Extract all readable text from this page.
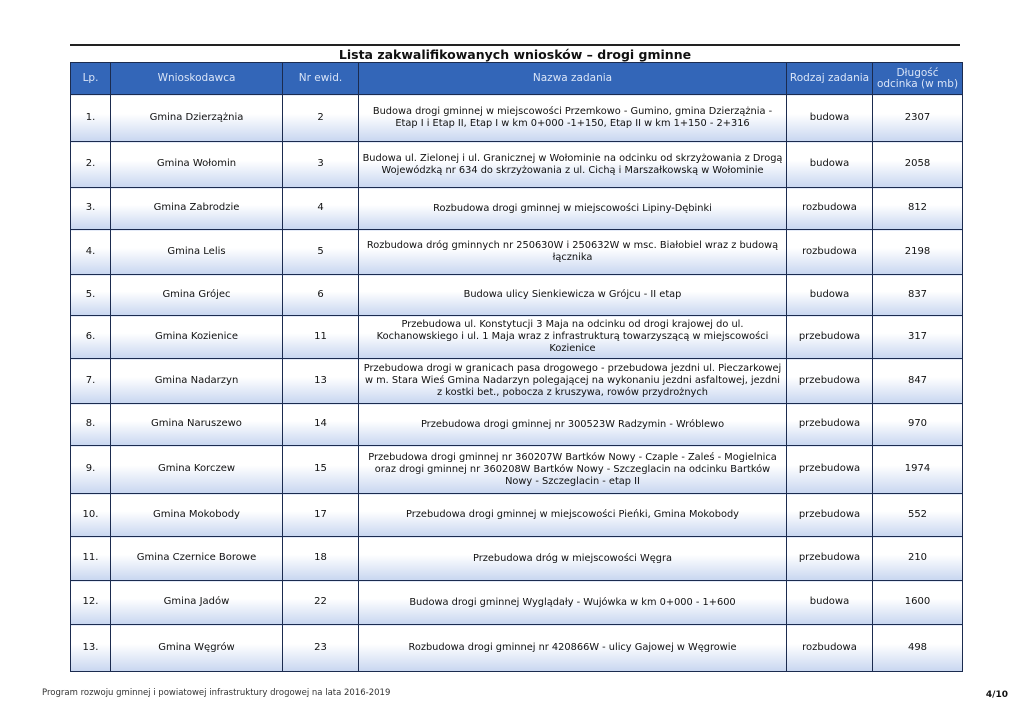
Lista zakwalifikowanych wniosków – drogi gminne
Lp.	Wnioskodawca	Nr ewid.	Nazwa zadania	Rodzaj zadania	Długość odcinka (w mb)
1.	Gmina Dzierzążnia	2	Budowa drogi gminnej w miejscowości Przemkowo - Gumino, gmina Dzierzążnia - Etap I i Etap II, Etap I w km 0+000 -1+150, Etap II w km 1+150 - 2+316	budowa	2307
2.	Gmina Wołomin	3	Budowa ul. Zielonej i ul. Granicznej w Wołominie na odcinku od skrzyżowania z Drogą Wojewódzką nr 634 do skrzyżowania z ul. Cichą i Marszałkowską w Wołominie	budowa	2058
3.	Gmina Zabrodzie	4	Rozbudowa drogi gminnej w miejscowości Lipiny-Dębinki	rozbudowa	812
4.	Gmina Lelis	5	Rozbudowa dróg gminnych nr 250630W i 250632W w msc. Białobiel wraz z budową łącznika	rozbudowa	2198
5.	Gmina Grójec	6	Budowa ulicy Sienkiewicza w Grójcu - II etap	budowa	837
6.	Gmina Kozienice	11	Przebudowa ul. Konstytucji 3 Maja na odcinku od drogi krajowej do ul. Kochanowskiego i ul. 1 Maja wraz z infrastrukturą towarzyszącą w miejscowości Kozienice	przebudowa	317
7.	Gmina Nadarzyn	13	Przebudowa drogi w granicach pasa drogowego - przebudowa jezdni ul. Pieczarkowej w m. Stara Wieś Gmina Nadarzyn polegającej na wykonaniu jezdni asfaltowej, jezdni z kostki bet., pobocza z kruszywa, rowów przydrożnych	przebudowa	847
8.	Gmina Naruszewo	14	Przebudowa drogi gminnej nr 300523W Radzymin - Wróblewo	przebudowa	970
9.	Gmina Korczew	15	Przebudowa drogi gminnej nr 360207W Bartków Nowy - Czaple - Zaleś - Mogielnica oraz drogi gminnej nr 360208W Bartków Nowy - Szczeglacin na odcinku Bartków Nowy - Szczeglacin - etap II	przebudowa	1974
10.	Gmina Mokobody	17	Przebudowa drogi gminnej w miejscowości Pieńki, Gmina Mokobody	przebudowa	552
11.	Gmina Czernice Borowe	18	Przebudowa dróg w miejscowości Węgra	przebudowa	210
12.	Gmina Jadów	22	Budowa drogi gminnej Wyglądały - Wujówka w km 0+000 - 1+600	budowa	1600
13.	Gmina Węgrów	23	Rozbudowa drogi gminnej nr 420866W - ulicy Gajowej w Węgrowie	rozbudowa	498
Program rozwoju gminnej i powiatowej infrastruktury drogowej na lata 2016-2019	4/10
